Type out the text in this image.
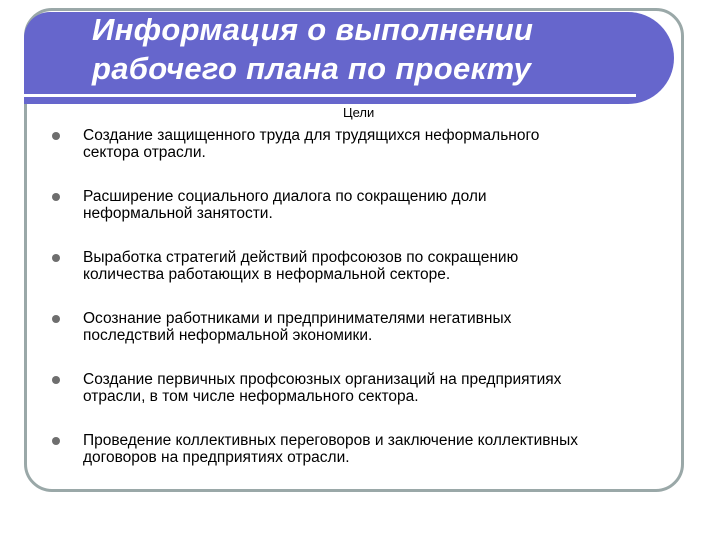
Информация о выполнении рабочего плана по проекту
Цели
Создание защищенного труда для трудящихся неформального
сектора отрасли.
Расширение социального диалога по сокращению доли
неформальной занятости.
Выработка стратегий действий профсоюзов по сокращению
количества работающих в неформальной секторе.
Осознание работниками и предпринимателями негативных
последствий неформальной экономики.
Создание первичных профсоюзных организаций на предприятиях
отрасли, в том числе неформального сектора.
Проведение коллективных переговоров и заключение коллективных
договоров на предприятиях отрасли.
